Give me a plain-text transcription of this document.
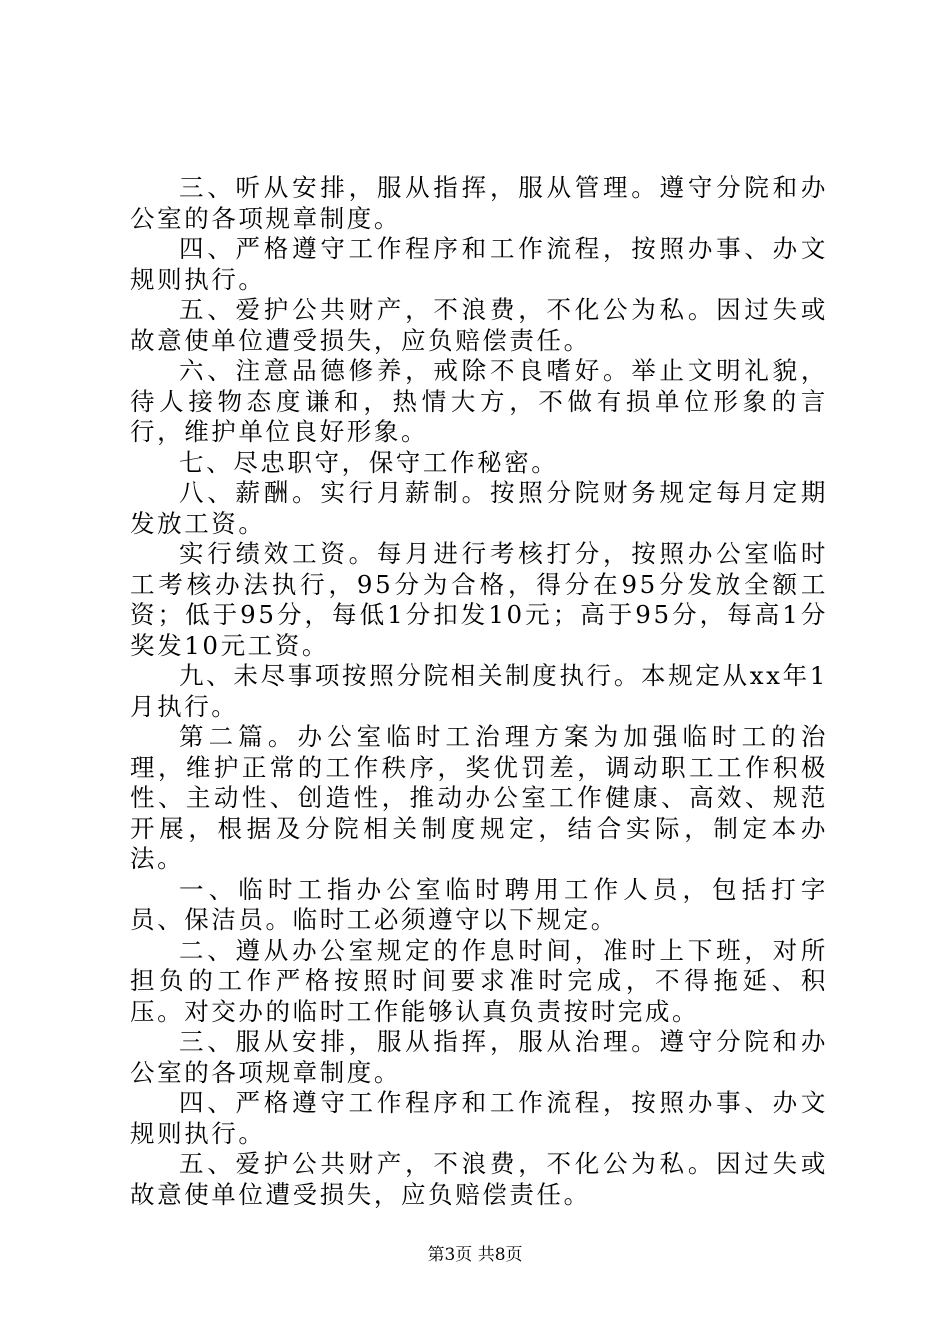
三、听从安排，服从指挥，服从管理。遵守分院和办公室的各项规章制度。

四、严格遵守工作程序和工作流程，按照办事、办文规则执行。

五、爱护公共财产，不浪费，不化公为私。因过失或故意使单位遭受损失，应负赔偿责任。

六、注意品德修养，戒除不良嗜好。举止文明礼貌，待人接物态度谦和，热情大方，不做有损单位形象的言行，维护单位良好形象。

七、尽忠职守，保守工作秘密。

八、薪酬。实行月薪制。按照分院财务规定每月定期发放工资。

实行绩效工资。每月进行考核打分，按照办公室临时工考核办法执行，95分为合格，得分在95分发放全额工资；低于95分，每低1分扣发10元；高于95分，每高1分奖发10元工资。

九、未尽事项按照分院相关制度执行。本规定从xx年1月执行。

第二篇。办公室临时工治理方案为加强临时工的治理，维护正常的工作秩序，奖优罚差，调动职工工作积极性、主动性、创造性，推动办公室工作健康、高效、规范开展，根据及分院相关制度规定，结合实际，制定本办法。

一、临时工指办公室临时聘用工作人员，包括打字员、保洁员。临时工必须遵守以下规定。

二、遵从办公室规定的作息时间，准时上下班，对所担负的工作严格按照时间要求准时完成，不得拖延、积压。对交办的临时工作能够认真负责按时完成。

三、服从安排，服从指挥，服从治理。遵守分院和办公室的各项规章制度。

四、严格遵守工作程序和工作流程，按照办事、办文规则执行。

五、爱护公共财产，不浪费，不化公为私。因过失或故意使单位遭受损失，应负赔偿责任。

第3页 共8页
